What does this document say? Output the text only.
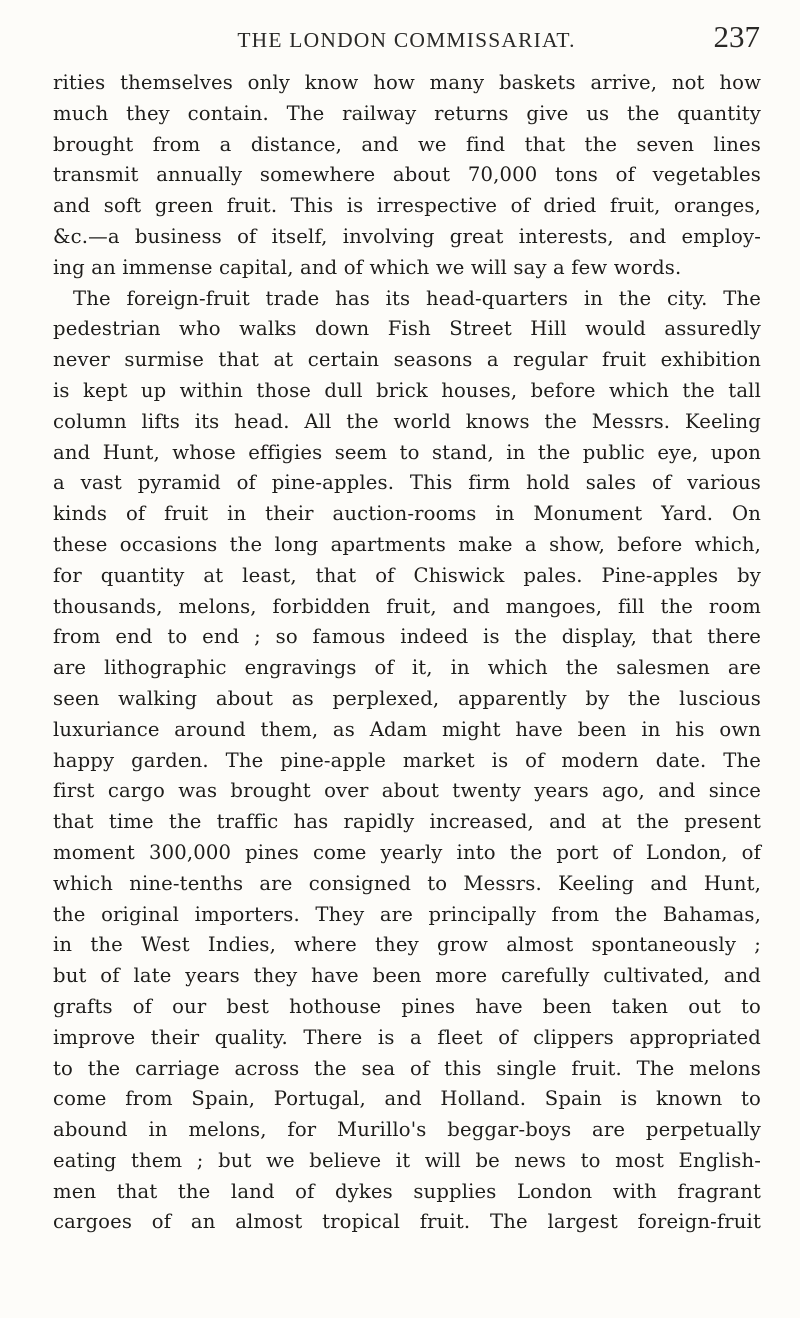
THE LONDON COMMISSARIAT.	237
rities themselves only know how many baskets arrive, not how
much they contain. The railway returns give us the quantity
brought from a distance, and we find that the seven lines
transmit annually somewhere about 70,000 tons of vegetables
and soft green fruit. This is irrespective of dried fruit, oranges,
&c.—a business of itself, involving great interests, and employ-
ing an immense capital, and of which we will say a few words.
The foreign-fruit trade has its head-quarters in the city. The
pedestrian who walks down Fish Street Hill would assuredly
never surmise that at certain seasons a regular fruit exhibition
is kept up within those dull brick houses, before which the tall
column lifts its head. All the world knows the Messrs. Keeling
and Hunt, whose effigies seem to stand, in the public eye, upon
a vast pyramid of pine-apples. This firm hold sales of various
kinds of fruit in their auction-rooms in Monument Yard. On
these occasions the long apartments make a show, before which,
for quantity at least, that of Chiswick pales. Pine-apples by
thousands, melons, forbidden fruit, and mangoes, fill the room
from end to end ; so famous indeed is the display, that there
are lithographic engravings of it, in which the salesmen are
seen walking about as perplexed, apparently by the luscious
luxuriance around them, as Adam might have been in his own
happy garden. The pine-apple market is of modern date. The
first cargo was brought over about twenty years ago, and since
that time the traffic has rapidly increased, and at the present
moment 300,000 pines come yearly into the port of London, of
which nine-tenths are consigned to Messrs. Keeling and Hunt,
the original importers. They are principally from the Bahamas,
in the West Indies, where they grow almost spontaneously ;
but of late years they have been more carefully cultivated, and
grafts of our best hothouse pines have been taken out to
improve their quality. There is a fleet of clippers appropriated
to the carriage across the sea of this single fruit. The melons
come from Spain, Portugal, and Holland. Spain is known to
abound in melons, for Murillo's beggar-boys are perpetually
eating them ; but we believe it will be news to most English-
men that the land of dykes supplies London with fragrant
cargoes of an almost tropical fruit. The largest foreign-fruit
